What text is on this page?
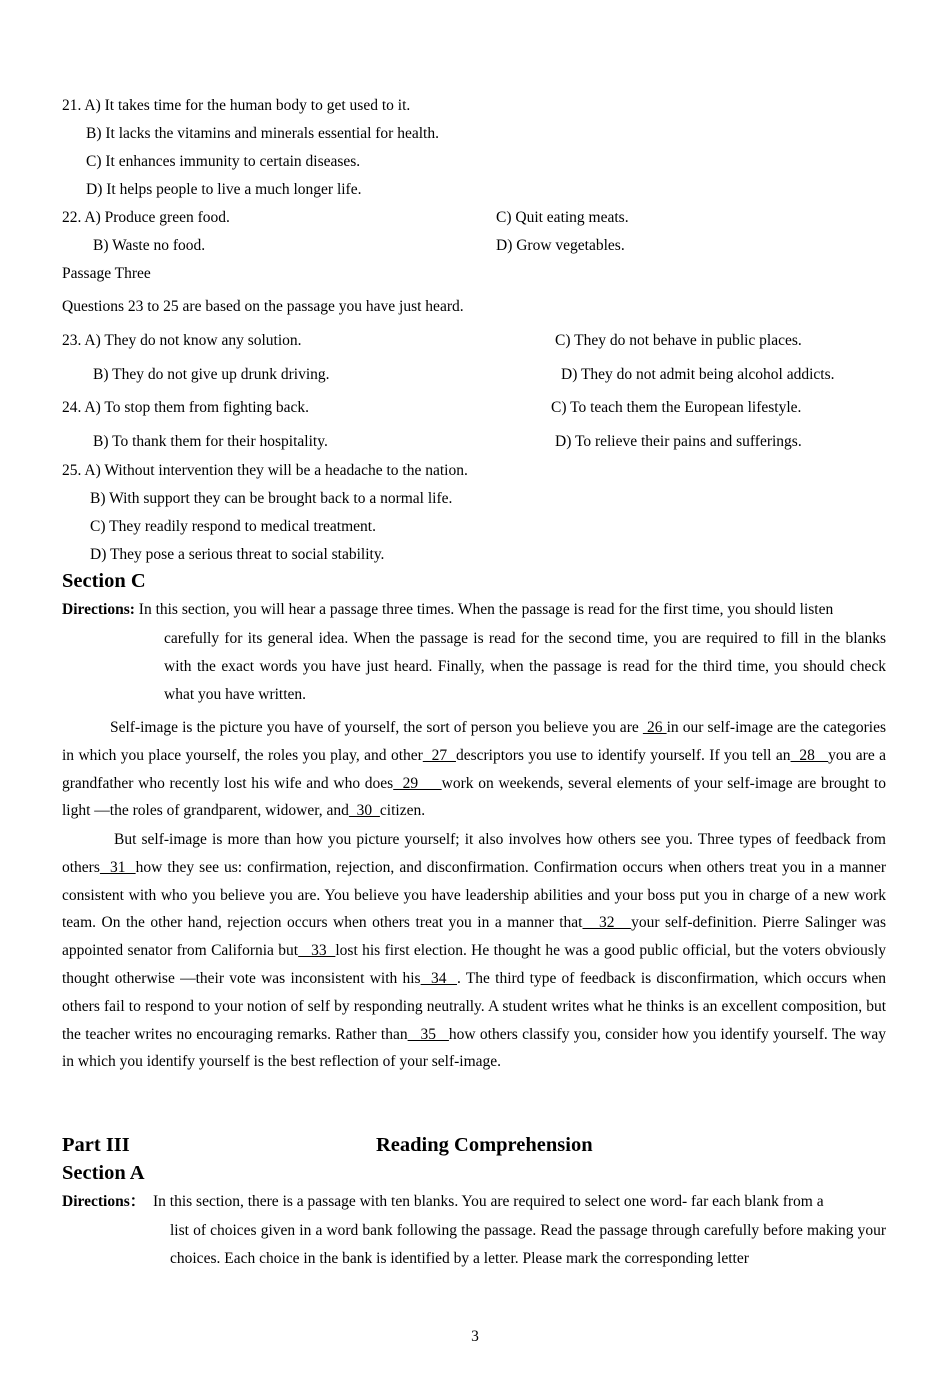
21. A) It takes time for the human body to get used to it.
B) It lacks the vitamins and minerals essential for health.
C) It enhances immunity to certain diseases.
D) It helps people to live a much longer life.
22. A) Produce green food.	C) Quit eating meats.
B) Waste no food.	D) Grow vegetables.
Passage Three
Questions 23 to 25 are based on the passage you have just heard.
23. A) They do not know any solution.	C) They do not behave in public places.
B) They do not give up drunk driving.	D) They do not admit being alcohol addicts.
24. A) To stop them from fighting back.	C) To teach them the European lifestyle.
B) To thank them for their hospitality.	D) To relieve their pains and sufferings.
25. A) Without intervention they will be a headache to the nation.
B) With support they can be brought back to a normal life.
C) They readily respond to medical treatment.
D) They pose a serious threat to social stability.
Section C
Directions: In this section, you will hear a passage three times. When the passage is read for the first time, you should listen
carefully for its general idea. When the passage is read for the second time, you are required to fill in the blanks with the exact words you have just heard. Finally, when the passage is read for the third time, you should check what you have written.
Self-image is the picture you have of yourself, the sort of person you believe you are  26 in our self-image are the categories in which you place yourself, the roles you play, and other  27  descriptors you use to identify yourself. If you tell an  28   you are a grandfather who recently lost his wife and who does  29     work on weekends, several elements of your self-image are brought to light —the roles of grandparent, widower, and  30  citizen.
But self-image is more than how you picture yourself; it also involves how others see you. Three types of feedback from others  31  how they see us: confirmation, rejection, and disconfirmation. Confirmation occurs when others treat you in a manner consistent with who you believe you are. You believe you have leadership abilities and your boss put you in charge of a new work team. On the other hand, rejection occurs when others treat you in a manner that   32   your self-definition. Pierre Salinger was appointed senator from California but   33  lost his first election. He thought he was a good public official, but the voters obviously thought otherwise —their vote was inconsistent with his  34  . The third type of feedback is disconfirmation, which occurs when others fail to respond to your notion of self by responding neutrally. A student writes what he thinks is an excellent composition, but the teacher writes no encouraging remarks. Rather than   35   how others classify you, consider how you identify yourself. The way in which you identify yourself is the best reflection of your self-image.
Part III	Reading Comprehension
Section A
Directions： In this section, there is a passage with ten blanks. You are required to select one word- far each blank from a
list of choices given in a word bank following the passage. Read the passage through carefully before making your choices. Each choice in the bank is identified by a letter. Please mark the corresponding letter
3
